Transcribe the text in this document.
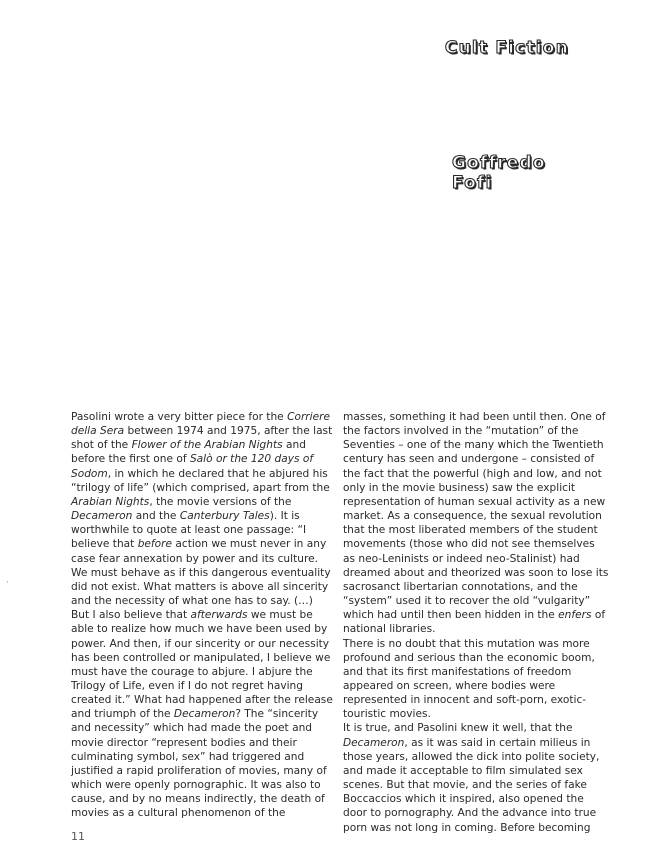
Cult Fiction
Goffredo
Fofi

Pasolini wrote a very bitter piece for the Corriere della Sera between 1974 and 1975, after the last shot of the Flower of the Arabian Nights and before the first one of Salò or the 120 days of Sodom, in which he declared that he abjured his “trilogy of life” (which comprised, apart from the Arabian Nights, the movie versions of the Decameron and the Canterbury Tales). It is worthwhile to quote at least one passage: “I believe that before action we must never in any case fear annexation by power and its culture. We must behave as if this dangerous eventuality did not exist. What matters is above all sincerity and the necessity of what one has to say. (…)

But I also believe that afterwards we must be able to realize how much we have been used by power. And then, if our sincerity or our necessity has been controlled or manipulated, I believe we must have the courage to abjure. I abjure the Trilogy of Life, even if I do not regret having created it.” What had happened after the release and triumph of the Decameron? The “sincerity and necessity” which had made the poet and movie director “represent bodies and their culminating symbol, sex” had triggered and justified a rapid proliferation of movies, many of which were openly pornographic. It was also to cause, and by no means indirectly, the death of movies as a cultural phenomenon of the

masses, something it had been until then. One of the factors involved in the “mutation” of the Seventies – one of the many which the Twentieth century has seen and undergone – consisted of the fact that the powerful (high and low, and not only in the movie business) saw the explicit representation of human sexual activity as a new market. As a consequence, the sexual revolution that the most liberated members of the student movements (those who did not see themselves as neo-Leninists or indeed neo-Stalinist) had dreamed about and theorized was soon to lose its sacrosanct libertarian connotations, and the “system” used it to recover the old “vulgarity” which had until then been hidden in the enfers of national libraries.

There is no doubt that this mutation was more profound and serious than the economic boom, and that its first manifestations of freedom appeared on screen, where bodies were represented in innocent and soft-porn, exotic-touristic movies.

It is true, and Pasolini knew it well, that the Decameron, as it was said in certain milieus in those years, allowed the dick into polite society, and made it acceptable to film simulated sex scenes. But that movie, and the series of fake Boccaccios which it inspired, also opened the door to pornography. And the advance into true porn was not long in coming. Before becoming

·
11
